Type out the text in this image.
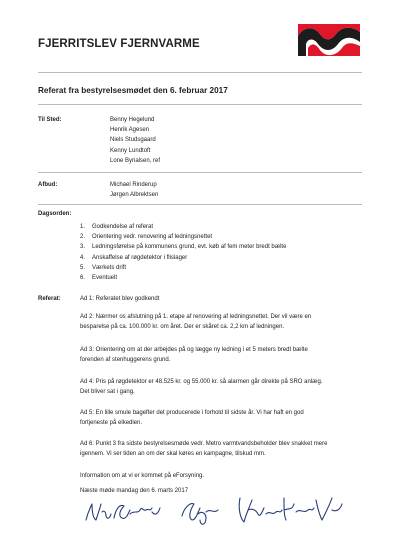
FJERRITSLEV FJERNVARME
Referat fra bestyrelsesmødet den 6. februar 2017
Til Sted:	Benny Hegelund
Henrik Agesen
Niels Studsgaard
Kenny Lundtoft
Lone Byrialsen, ref
Afbud:	Michael Rinderup
Jørgen Albrektsen
Dagsorden:
1. Godkendelse af referat
2. Orientering vedr. renovering af ledningsnettet
3. Ledningsførelse på kommunens grund, evt. køb af fem meter bredt bælte
4. Anskaffelse af røgdetektor i flislager
5. Værkets drift
6. Eventuelt
Referat:	Ad 1: Referatet blev godkendt
Ad 2: Nærmer os afslutning på 1. etape af renovering af ledningsnettet. Der vil være en besparelse på ca. 100.000 kr. om året. Der er skåret ca. 2,2 km af ledningen.
Ad 3: Orientering om at der arbejdes på og lægge ny ledning i et 5 meters bredt bælte forenden af stenhuggerens grund.
Ad 4: Pris på røgdetektor er 48.525 kr. og 55.000 kr. så alarmen går direkte på SRO anlæg. Det bliver sat i gang.
Ad 5: En lille smule bagefter det producerede i forhold til sidste år. Vi har haft en god fortjeneste på elkedlen.
Ad 6: Punkt 3 fra sidste bestyrelsesmøde vedr. Metro varmtvandsbeholder blev snakket mere igennem. Vi ser tiden an om der skal køres en kampagne, tilskud mm.
Information om at vi er kommet på eForsyning.
Næste møde mandag den 6. marts 2017
